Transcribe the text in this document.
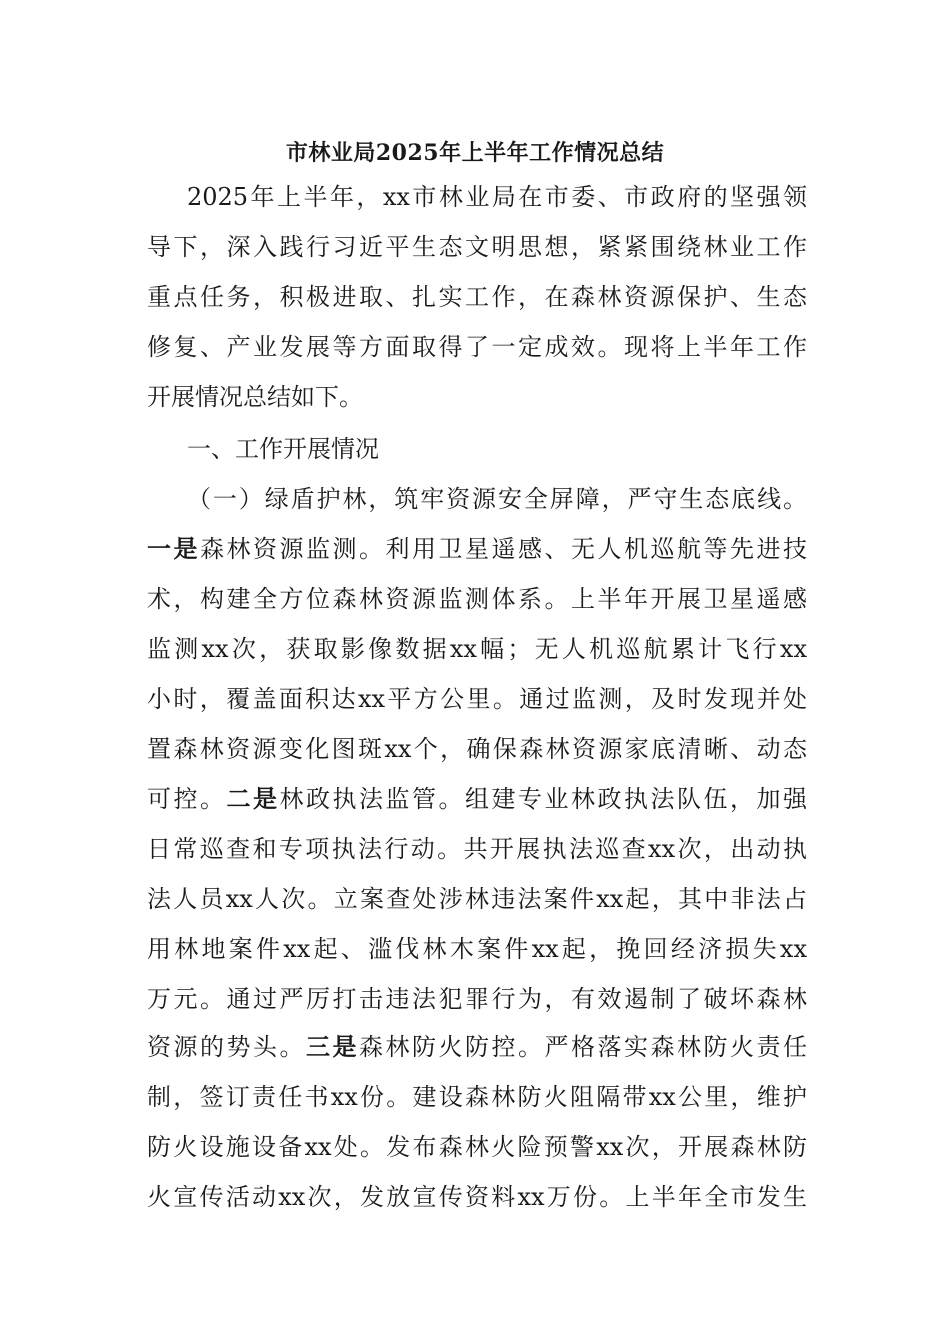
市林业局2025年上半年工作情况总结

2025年上半年，xx市林业局在市委、市政府的坚强领

导下，深入践行习近平生态文明思想，紧紧围绕林业工作

重点任务，积极进取、扎实工作，在森林资源保护、生态

修复、产业发展等方面取得了一定成效。现将上半年工作

开展情况总结如下。

一、工作开展情况

（一）绿盾护林，筑牢资源安全屏障，严守生态底线。

一是森林资源监测。利用卫星遥感、无人机巡航等先进技

术，构建全方位森林资源监测体系。上半年开展卫星遥感

监测xx次，获取影像数据xx幅；无人机巡航累计飞行xx

小时，覆盖面积达xx平方公里。通过监测，及时发现并处

置森林资源变化图斑xx个，确保森林资源家底清晰、动态

可控。二是林政执法监管。组建专业林政执法队伍，加强

日常巡查和专项执法行动。共开展执法巡查xx次，出动执

法人员xx人次。立案查处涉林违法案件xx起，其中非法占

用林地案件xx起、滥伐林木案件xx起，挽回经济损失xx

万元。通过严厉打击违法犯罪行为，有效遏制了破坏森林

资源的势头。三是森林防火防控。严格落实森林防火责任

制，签订责任书xx份。建设森林防火阻隔带xx公里，维护

防火设施设备xx处。发布森林火险预警xx次，开展森林防

火宣传活动xx次，发放宣传资料xx万份。上半年全市发生
